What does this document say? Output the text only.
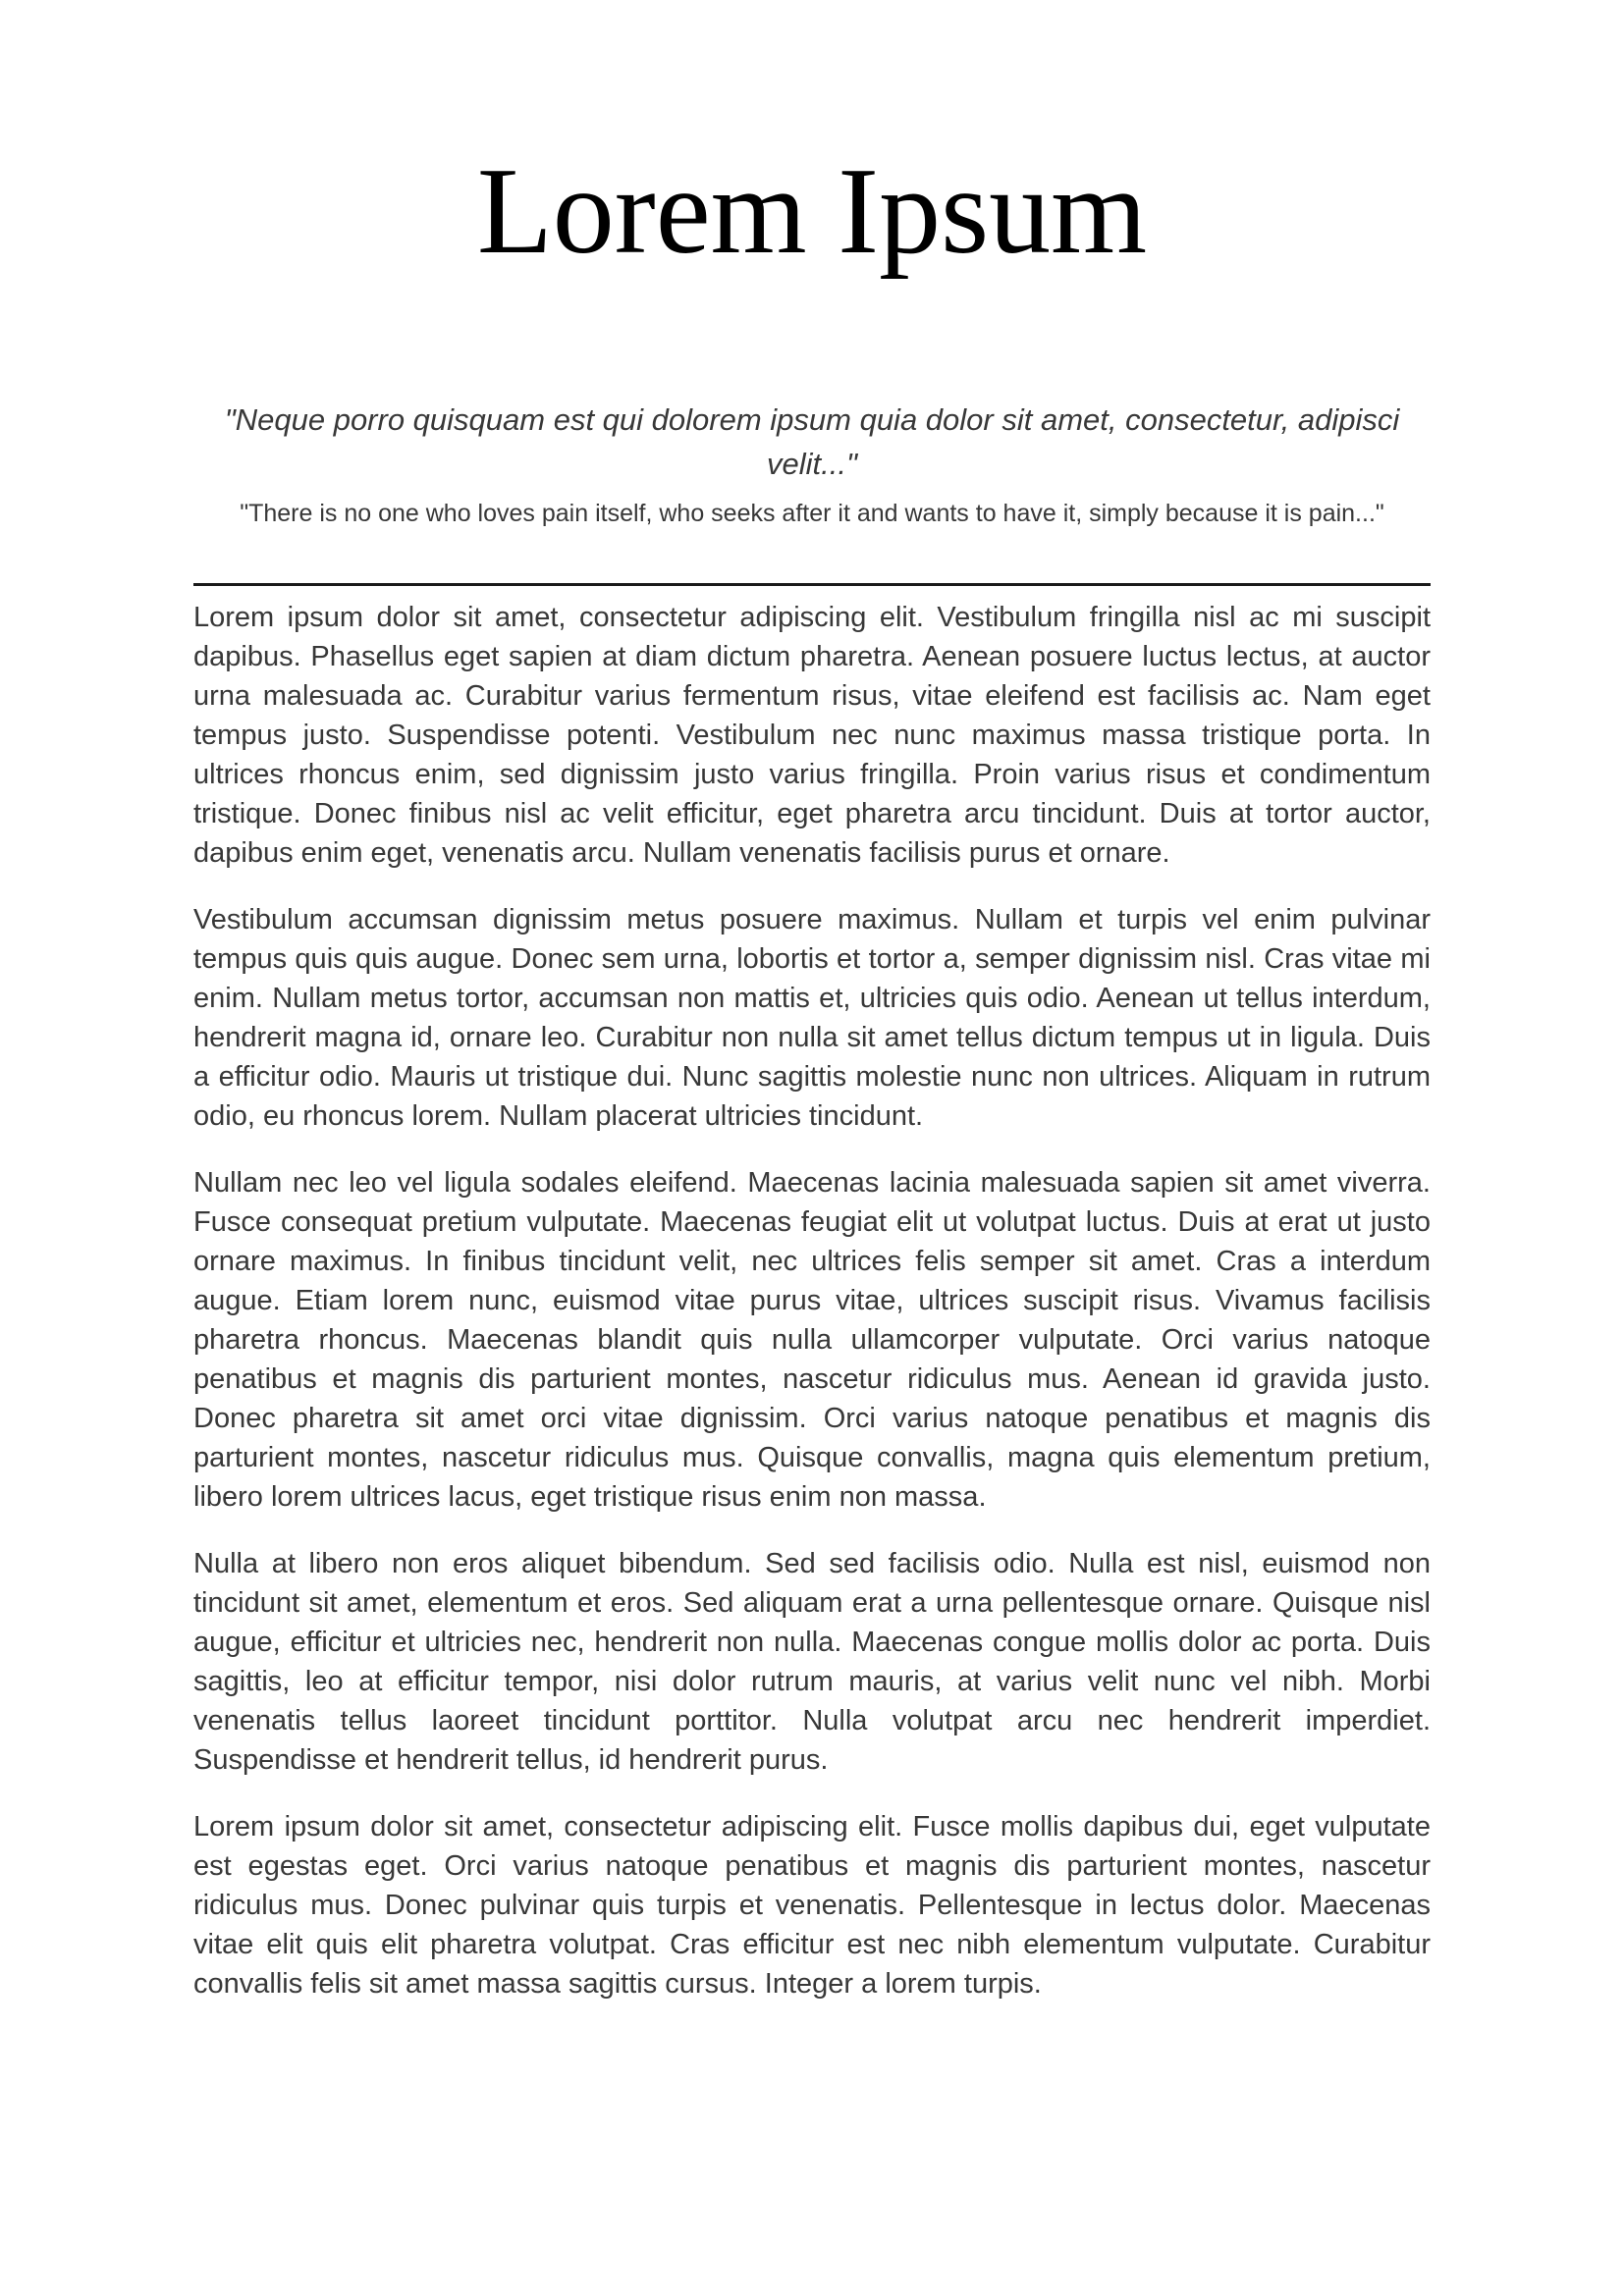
Lorem Ipsum

"Neque porro quisquam est qui dolorem ipsum quia dolor sit amet, consectetur, adipisci velit..."

"There is no one who loves pain itself, who seeks after it and wants to have it, simply because it is pain..."

Lorem ipsum dolor sit amet, consectetur adipiscing elit. Vestibulum fringilla nisl ac mi suscipit dapibus. Phasellus eget sapien at diam dictum pharetra. Aenean posuere luctus lectus, at auctor urna malesuada ac. Curabitur varius fermentum risus, vitae eleifend est facilisis ac. Nam eget tempus justo. Suspendisse potenti. Vestibulum nec nunc maximus massa tristique porta. In ultrices rhoncus enim, sed dignissim justo varius fringilla. Proin varius risus et condimentum tristique. Donec finibus nisl ac velit efficitur, eget pharetra arcu tincidunt. Duis at tortor auctor, dapibus enim eget, venenatis arcu. Nullam venenatis facilisis purus et ornare.

Vestibulum accumsan dignissim metus posuere maximus. Nullam et turpis vel enim pulvinar tempus quis quis augue. Donec sem urna, lobortis et tortor a, semper dignissim nisl. Cras vitae mi enim. Nullam metus tortor, accumsan non mattis et, ultricies quis odio. Aenean ut tellus interdum, hendrerit magna id, ornare leo. Curabitur non nulla sit amet tellus dictum tempus ut in ligula. Duis a efficitur odio. Mauris ut tristique dui. Nunc sagittis molestie nunc non ultrices. Aliquam in rutrum odio, eu rhoncus lorem. Nullam placerat ultricies tincidunt.

Nullam nec leo vel ligula sodales eleifend. Maecenas lacinia malesuada sapien sit amet viverra. Fusce consequat pretium vulputate. Maecenas feugiat elit ut volutpat luctus. Duis at erat ut justo ornare maximus. In finibus tincidunt velit, nec ultrices felis semper sit amet. Cras a interdum augue. Etiam lorem nunc, euismod vitae purus vitae, ultrices suscipit risus. Vivamus facilisis pharetra rhoncus. Maecenas blandit quis nulla ullamcorper vulputate. Orci varius natoque penatibus et magnis dis parturient montes, nascetur ridiculus mus. Aenean id gravida justo. Donec pharetra sit amet orci vitae dignissim. Orci varius natoque penatibus et magnis dis parturient montes, nascetur ridiculus mus. Quisque convallis, magna quis elementum pretium, libero lorem ultrices lacus, eget tristique risus enim non massa.

Nulla at libero non eros aliquet bibendum. Sed sed facilisis odio. Nulla est nisl, euismod non tincidunt sit amet, elementum et eros. Sed aliquam erat a urna pellentesque ornare. Quisque nisl augue, efficitur et ultricies nec, hendrerit non nulla. Maecenas congue mollis dolor ac porta. Duis sagittis, leo at efficitur tempor, nisi dolor rutrum mauris, at varius velit nunc vel nibh. Morbi venenatis tellus laoreet tincidunt porttitor. Nulla volutpat arcu nec hendrerit imperdiet. Suspendisse et hendrerit tellus, id hendrerit purus.

Lorem ipsum dolor sit amet, consectetur adipiscing elit. Fusce mollis dapibus dui, eget vulputate est egestas eget. Orci varius natoque penatibus et magnis dis parturient montes, nascetur ridiculus mus. Donec pulvinar quis turpis et venenatis. Pellentesque in lectus dolor. Maecenas vitae elit quis elit pharetra volutpat. Cras efficitur est nec nibh elementum vulputate. Curabitur convallis felis sit amet massa sagittis cursus. Integer a lorem turpis.
